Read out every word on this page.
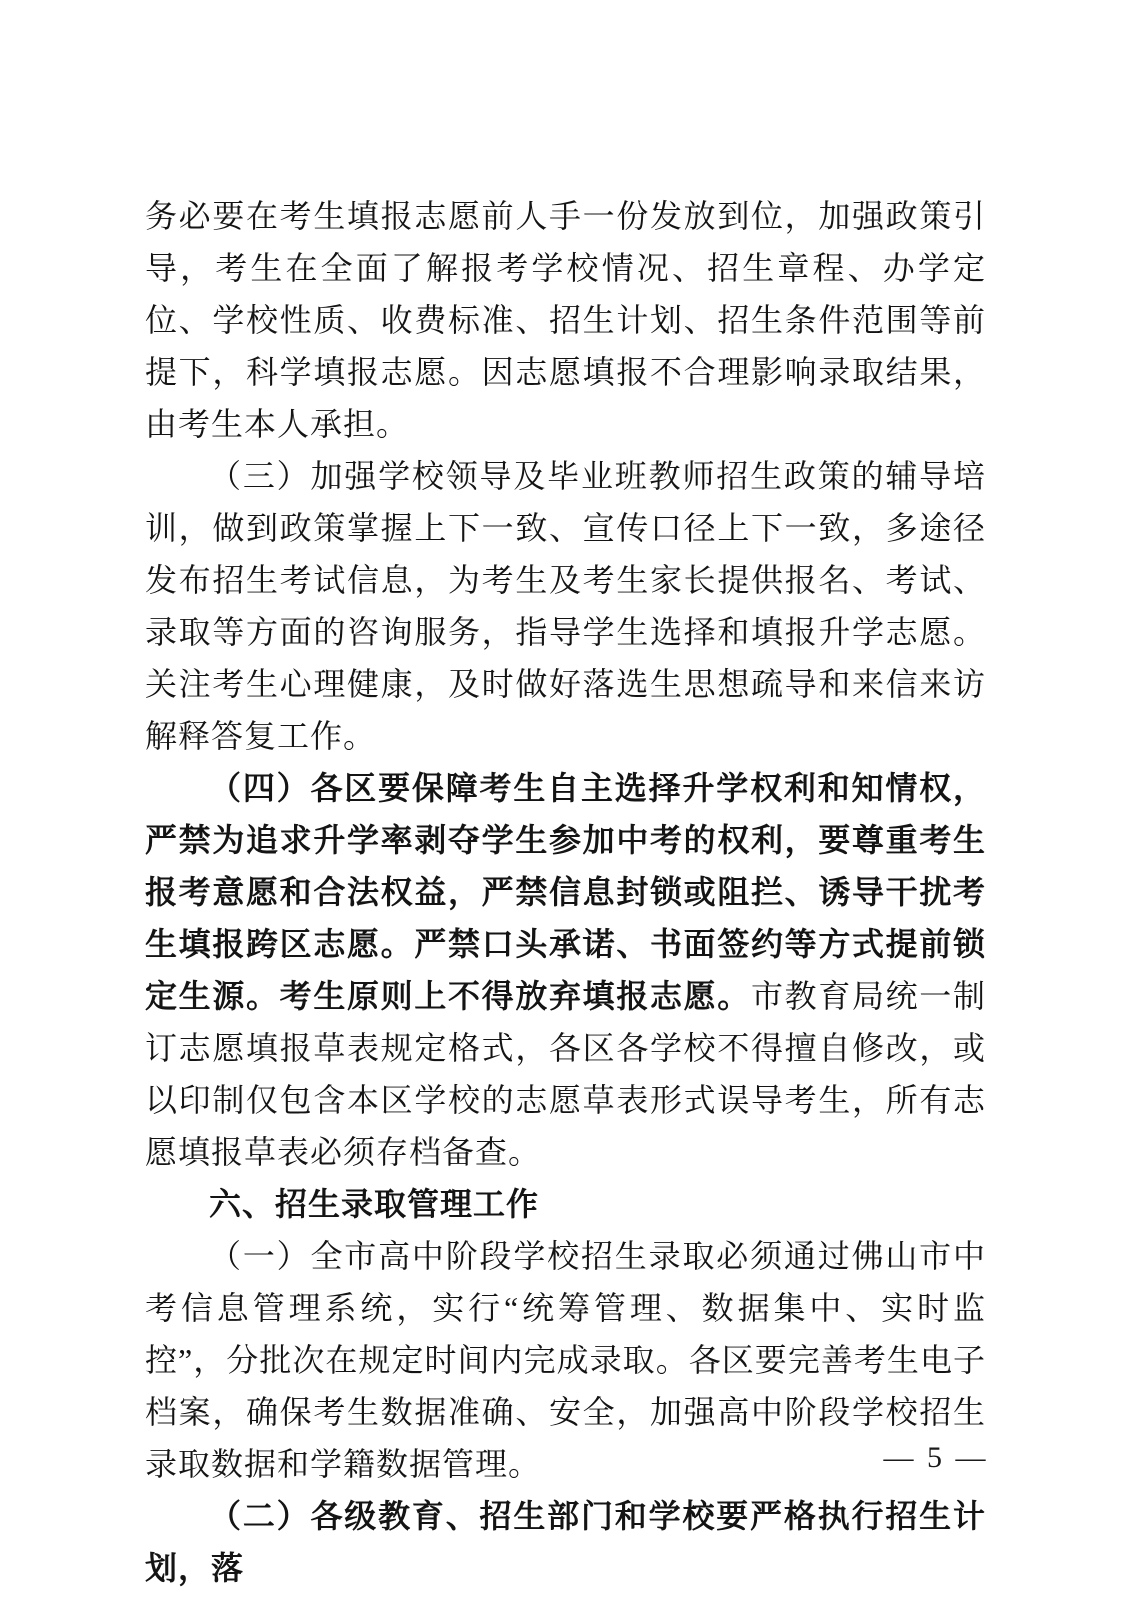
务必要在考生填报志愿前人手一份发放到位，加强政策引导，考生在全面了解报考学校情况、招生章程、办学定位、学校性质、收费标准、招生计划、招生条件范围等前提下，科学填报志愿。因志愿填报不合理影响录取结果，由考生本人承担。

（三）加强学校领导及毕业班教师招生政策的辅导培训，做到政策掌握上下一致、宣传口径上下一致，多途径发布招生考试信息，为考生及考生家长提供报名、考试、录取等方面的咨询服务，指导学生选择和填报升学志愿。关注考生心理健康，及时做好落选生思想疏导和来信来访解释答复工作。

（四）各区要保障考生自主选择升学权利和知情权，严禁为追求升学率剥夺学生参加中考的权利，要尊重考生报考意愿和合法权益，严禁信息封锁或阻拦、诱导干扰考生填报跨区志愿。严禁口头承诺、书面签约等方式提前锁定生源。考生原则上不得放弃填报志愿。市教育局统一制订志愿填报草表规定格式，各区各学校不得擅自修改，或以印制仅包含本区学校的志愿草表形式误导考生，所有志愿填报草表必须存档备查。

六、招生录取管理工作

（一）全市高中阶段学校招生录取必须通过佛山市中考信息管理系统，实行“统筹管理、数据集中、实时监控”，分批次在规定时间内完成录取。各区要完善考生电子档案，确保考生数据准确、安全，加强高中阶段学校招生录取数据和学籍数据管理。

（二）各级教育、招生部门和学校要严格执行招生计划，落

— 5 —
